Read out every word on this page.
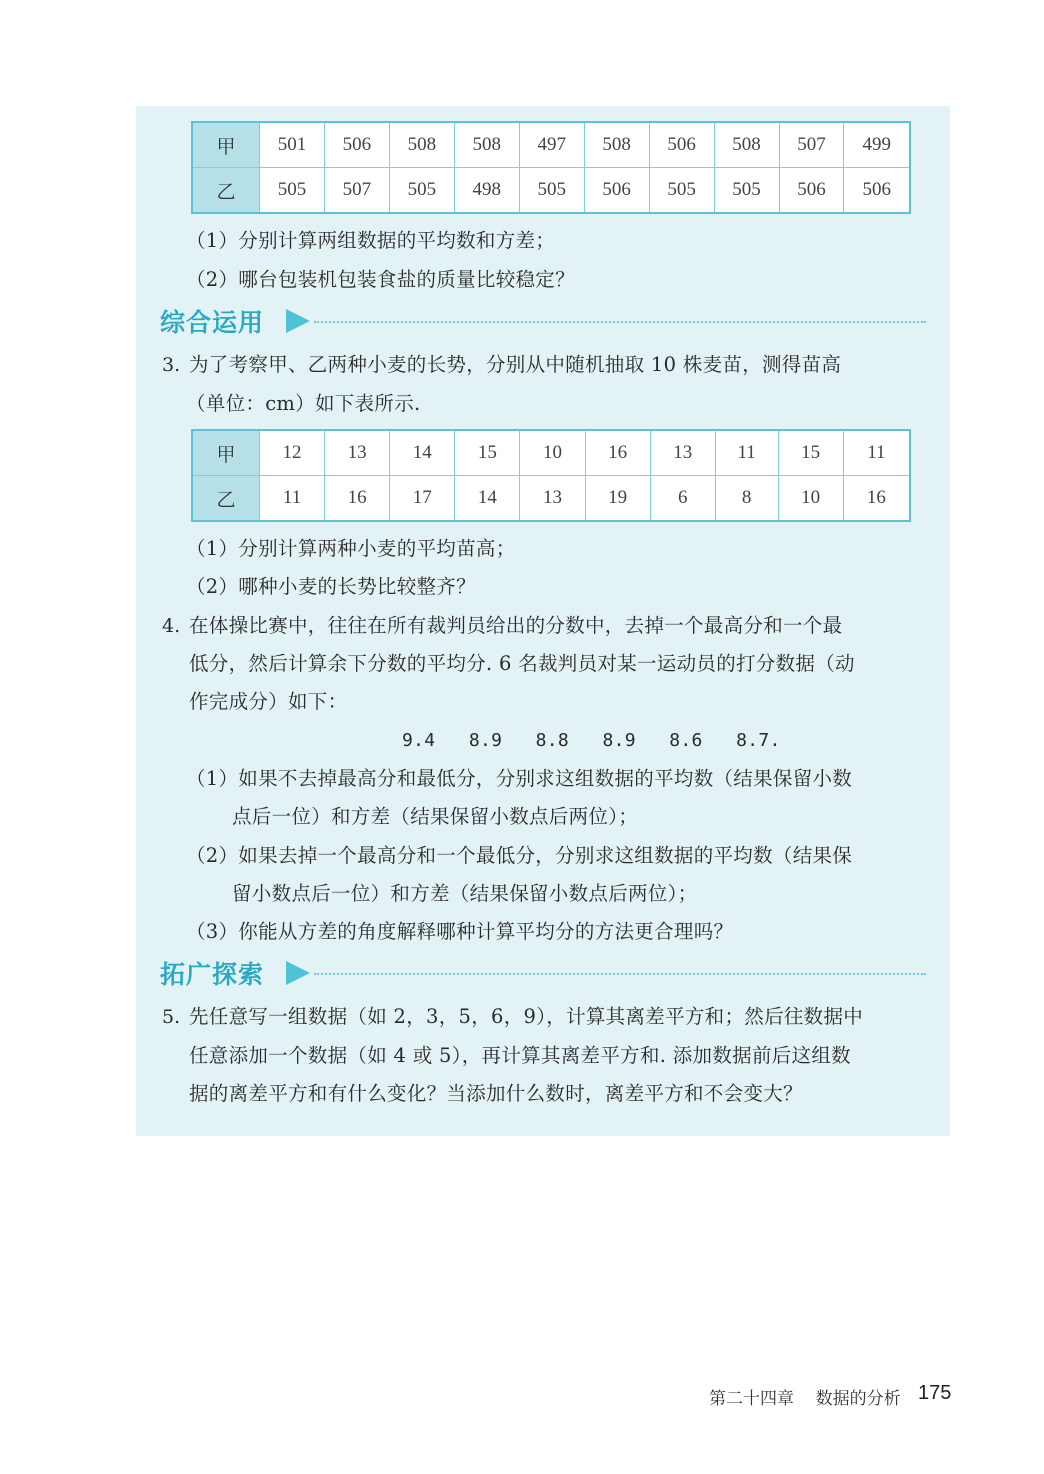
甲	501	506	508	508	497	508	506	508	507	499
乙	505	507	505	498	505	506	505	505	506	506
（1）分别计算两组数据的平均数和方差；
（2）哪台包装机包装食盐的质量比较稳定？
综合运用
3. 为了考察甲、乙两种小麦的长势，分别从中随机抽取 10 株麦苗，测得苗高
（单位：cm）如下表所示.
甲	12	13	14	15	10	16	13	11	15	11
乙	11	16	17	14	13	19	6	8	10	16
（1）分别计算两种小麦的平均苗高；
（2）哪种小麦的长势比较整齐？
4. 在体操比赛中，往往在所有裁判员给出的分数中，去掉一个最高分和一个最
低分，然后计算余下分数的平均分. 6 名裁判员对某一运动员的打分数据（动
作完成分）如下：
9.4   8.9   8.8   8.9   8.6   8.7.
（1）如果不去掉最高分和最低分，分别求这组数据的平均数（结果保留小数
点后一位）和方差（结果保留小数点后两位）；
（2）如果去掉一个最高分和一个最低分，分别求这组数据的平均数（结果保
留小数点后一位）和方差（结果保留小数点后两位）；
（3）你能从方差的角度解释哪种计算平均分的方法更合理吗？
拓广探索
5. 先任意写一组数据（如 2，3，5，6，9），计算其离差平方和；然后往数据中
任意添加一个数据（如 4 或 5），再计算其离差平方和. 添加数据前后这组数
据的离差平方和有什么变化？当添加什么数时，离差平方和不会变大？
第二十四章    数据的分析 175
